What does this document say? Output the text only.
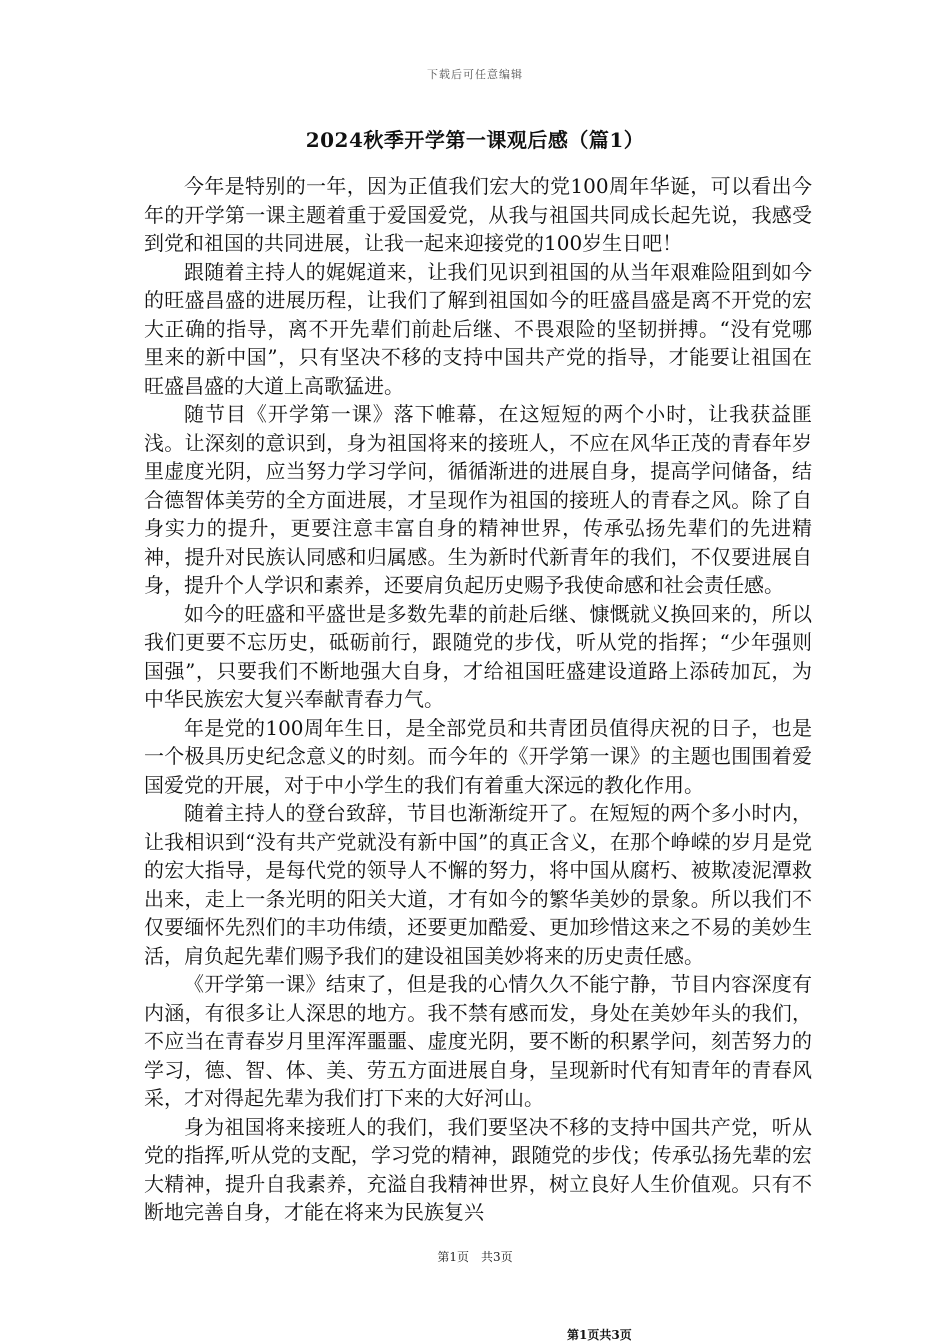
下载后可任意编辑
2024秋季开学第一课观后感（篇1）

今年是特别的一年，因为正值我们宏大的党100周年华诞，可以看出今年的开学第一课主题着重于爱国爱党，从我与祖国共同成长起先说，我感受到党和祖国的共同进展，让我一起来迎接党的100岁生日吧！

跟随着主持人的娓娓道来，让我们见识到祖国的从当年艰难险阻到如今的旺盛昌盛的进展历程，让我们了解到祖国如今的旺盛昌盛是离不开党的宏大正确的指导，离不开先辈们前赴后继、不畏艰险的坚韧拼搏。“没有党哪里来的新中国”，只有坚决不移的支持中国共产党的指导，才能要让祖国在旺盛昌盛的大道上高歌猛进。

随节目《开学第一课》落下帷幕，在这短短的两个小时，让我获益匪浅。让深刻的意识到，身为祖国将来的接班人，不应在风华正茂的青春年岁里虚度光阴，应当努力学习学问，循循渐进的进展自身，提高学问储备，结合德智体美劳的全方面进展，才呈现作为祖国的接班人的青春之风。除了自身实力的提升，更要注意丰富自身的精神世界，传承弘扬先辈们的先进精神，提升对民族认同感和归属感。生为新时代新青年的我们，不仅要进展自身，提升个人学识和素养，还要肩负起历史赐予我使命感和社会责任感。

如今的旺盛和平盛世是多数先辈的前赴后继、慷慨就义换回来的，所以我们更要不忘历史，砥砺前行，跟随党的步伐，听从党的指挥；“少年强则国强”，只要我们不断地强大自身，才给祖国旺盛建设道路上添砖加瓦，为中华民族宏大复兴奉献青春力气。

年是党的100周年生日，是全部党员和共青团员值得庆祝的日子，也是一个极具历史纪念意义的时刻。而今年的《开学第一课》的主题也围围着爱国爱党的开展，对于中小学生的我们有着重大深远的教化作用。

随着主持人的登台致辞，节目也渐渐绽开了。在短短的两个多小时内，让我相识到“没有共产党就没有新中国”的真正含义，在那个峥嵘的岁月是党的宏大指导，是每代党的领导人不懈的努力，将中国从腐朽、被欺凌泥潭救出来，走上一条光明的阳关大道，才有如今的繁华美妙的景象。所以我们不仅要缅怀先烈们的丰功伟绩，还要更加酷爱、更加珍惜这来之不易的美妙生活，肩负起先辈们赐予我们的建设祖国美妙将来的历史责任感。

《开学第一课》结束了，但是我的心情久久不能宁静，节目内容深度有内涵，有很多让人深思的地方。我不禁有感而发，身处在美妙年头的我们，不应当在青春岁月里浑浑噩噩、虚度光阴，要不断的积累学问，刻苦努力的学习，德、智、体、美、劳五方面进展自身，呈现新时代有知青年的青春风采，才对得起先辈为我们打下来的大好河山。

身为祖国将来接班人的我们，我们要坚决不移的支持中国共产党，听从党的指挥,听从党的支配，学习党的精神，跟随党的步伐；传承弘扬先辈的宏大精神，提升自我素养，充溢自我精神世界，树立良好人生价值观。只有不断地完善自身，才能在将来为民族复兴

第1页　共3页
第1页共3页
